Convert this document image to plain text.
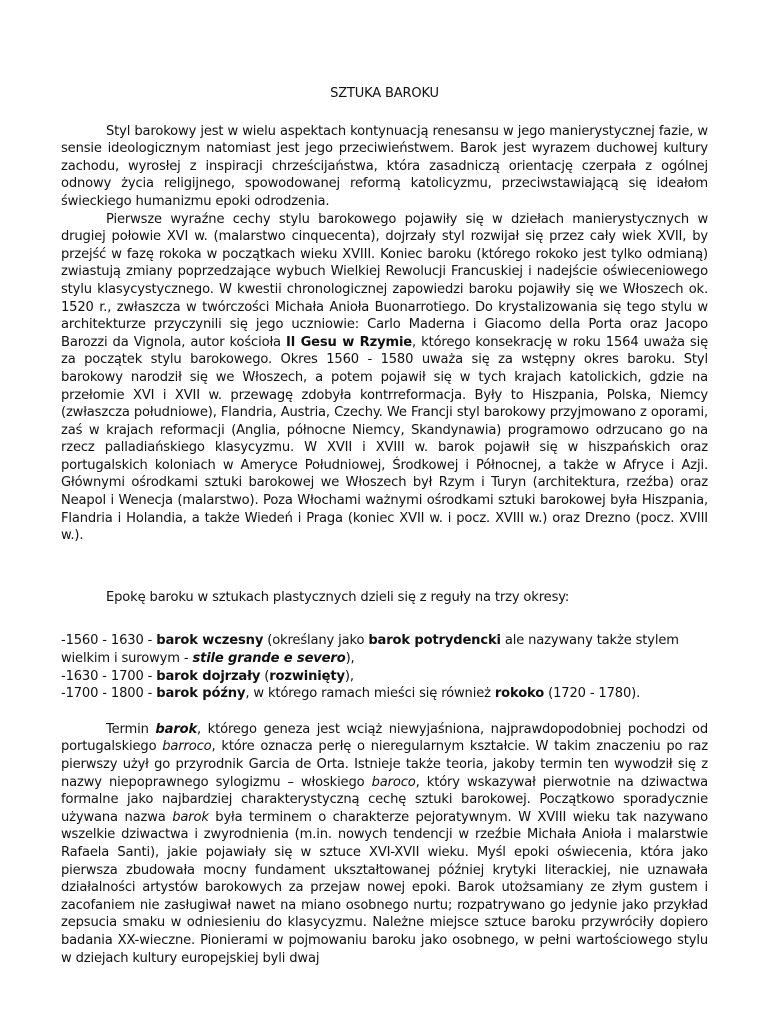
SZTUKA BAROKU

Styl barokowy jest w wielu aspektach kontynuacją renesansu w jego manierystycznej fazie, w sensie ideologicznym natomiast jest jego przeciwieństwem. Barok jest wyrazem duchowej kultury zachodu, wyrosłej z inspiracji chrześcijaństwa, która zasadniczą orientację czerpała z ogólnej odnowy życia religijnego, spowodowanej reformą katolicyzmu, przeciwstawiającą się ideałom świeckiego humanizmu epoki odrodzenia.

Pierwsze wyraźne cechy stylu barokowego pojawiły się w dziełach manierystycznych w drugiej połowie XVI w. (malarstwo cinquecenta), dojrzały styl rozwijał się przez cały wiek XVII, by przejść w fazę rokoka w początkach wieku XVIII. Koniec baroku (którego rokoko jest tylko odmianą) zwiastują zmiany poprzedzające wybuch Wielkiej Rewolucji Francuskiej i nadejście oświeceniowego stylu klasycystycznego. W kwestii chronologicznej zapowiedzi baroku pojawiły się we Włoszech ok. 1520 r., zwłaszcza w twórczości Michała Anioła Buonarrotiego. Do krystalizowania się tego stylu w architekturze przyczynili się jego uczniowie: Carlo Maderna i Giacomo della Porta oraz Jacopo Barozzi da Vignola, autor kościoła Il Gesu w Rzymie, którego konsekrację w roku 1564 uważa się za początek stylu barokowego. Okres 1560 - 1580 uważa się za wstępny okres baroku. Styl barokowy narodził się we Włoszech, a potem pojawił się w tych krajach katolickich, gdzie na przełomie XVI i XVII w. przewagę zdobyła kontrreformacja. Były to Hiszpania, Polska, Niemcy (zwłaszcza południowe), Flandria, Austria, Czechy. We Francji styl barokowy przyjmowano z oporami, zaś w krajach reformacji (Anglia, północne Niemcy, Skandynawia) programowo odrzucano go na rzecz palladiańskiego klasycyzmu. W XVII i XVIII w. barok pojawił się w hiszpańskich oraz portugalskich koloniach w Ameryce Południowej, Środkowej i Północnej, a także w Afryce i Azji. Głównymi ośrodkami sztuki barokowej we Włoszech był Rzym i Turyn (architektura, rzeźba) oraz Neapol i Wenecja (malarstwo). Poza Włochami ważnymi ośrodkami sztuki barokowej była Hiszpania, Flandria i Holandia, a także Wiedeń i Praga (koniec XVII w. i pocz. XVIII w.) oraz Drezno (pocz. XVIII w.).

Epokę baroku w sztukach plastycznych dzieli się z reguły na trzy okresy:

-1560 - 1630 - barok wczesny (określany jako barok potrydencki ale nazywany także stylem wielkim i surowym - stile grande e severo),

-1630 - 1700 - barok dojrzały (rozwinięty),

-1700 - 1800 - barok późny, w którego ramach mieści się również rokoko (1720 - 1780).

Termin barok, którego geneza jest wciąż niewyjaśniona, najprawdopodobniej pochodzi od portugalskiego barroco, które oznacza perłę o nieregularnym kształcie. W takim znaczeniu po raz pierwszy użył go przyrodnik Garcia de Orta. Istnieje także teoria, jakoby termin ten wywodził się z nazwy niepoprawnego sylogizmu – włoskiego baroco, który wskazywał pierwotnie na dziwactwa formalne jako najbardziej charakterystyczną cechę sztuki barokowej. Początkowo sporadycznie używana nazwa barok była terminem o charakterze pejoratywnym. W XVIII wieku tak nazywano wszelkie dziwactwa i zwyrodnienia (m.in. nowych tendencji w rzeźbie Michała Anioła i malarstwie Rafaela Santi), jakie pojawiały się w sztuce XVI-XVII wieku. Myśl epoki oświecenia, która jako pierwsza zbudowała mocny fundament ukształtowanej później krytyki literackiej, nie uznawała działalności artystów barokowych za przejaw nowej epoki. Barok utożsamiany ze złym gustem i zacofaniem nie zasługiwał nawet na miano osobnego nurtu; rozpatrywano go jedynie jako przykład zepsucia smaku w odniesieniu do klasycyzmu. Należne miejsce sztuce baroku przywróciły dopiero badania XX-wieczne. Pionierami w pojmowaniu baroku jako osobnego, w pełni wartościowego stylu w dziejach kultury europejskiej byli dwaj
